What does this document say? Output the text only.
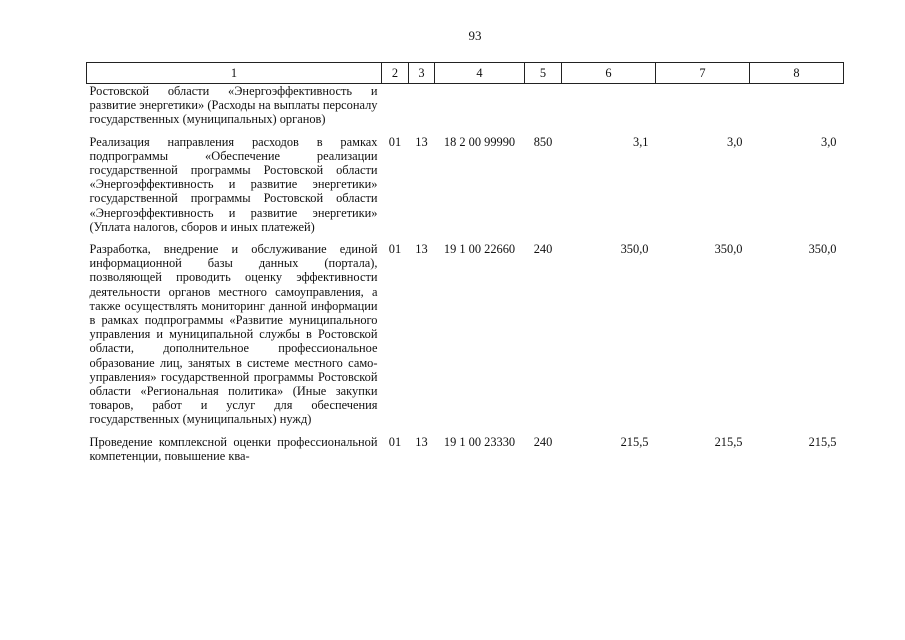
93
1	2	3	4	5	6	7	8
Ростовской области «Энергоэффективность и развитие энергетики» (Расходы на выплаты персоналу государственных (муниципальных) органов)							

Реализация направления расходов в рамках подпрограммы «Обеспечение реализации государственной программы Ростовской области «Энергоэффективность и развитие энергетики» государственной программы Ростовской области «Энергоэффективность и развитие энергетики» (Уплата налогов, сборов и иных платежей)	01	13	18 2 00 99990	850	3,1	3,0	3,0

Разработка, внедрение и обслуживание единой информационной базы данных (портала), позволяющей проводить оценку эффективности деятельности органов местного самоуправления, а также осуществлять мониторинг данной информации в рамках подпрограммы «Развитие муниципального управления и муниципальной службы в Ростовской области, дополнительное профессиональное образование лиц, занятых в системе местного самоуправления» государственной программы Ростовской области «Региональная политика» (Иные закупки товаров, работ и услуг для обеспечения государственных (муниципальных) нужд)	01	13	19 1 00 22660	240	350,0	350,0	350,0

Проведение комплексной оценки профессиональной компетенции, повышение ква-	01	13	19 1 00 23330	240	215,5	215,5	215,5
